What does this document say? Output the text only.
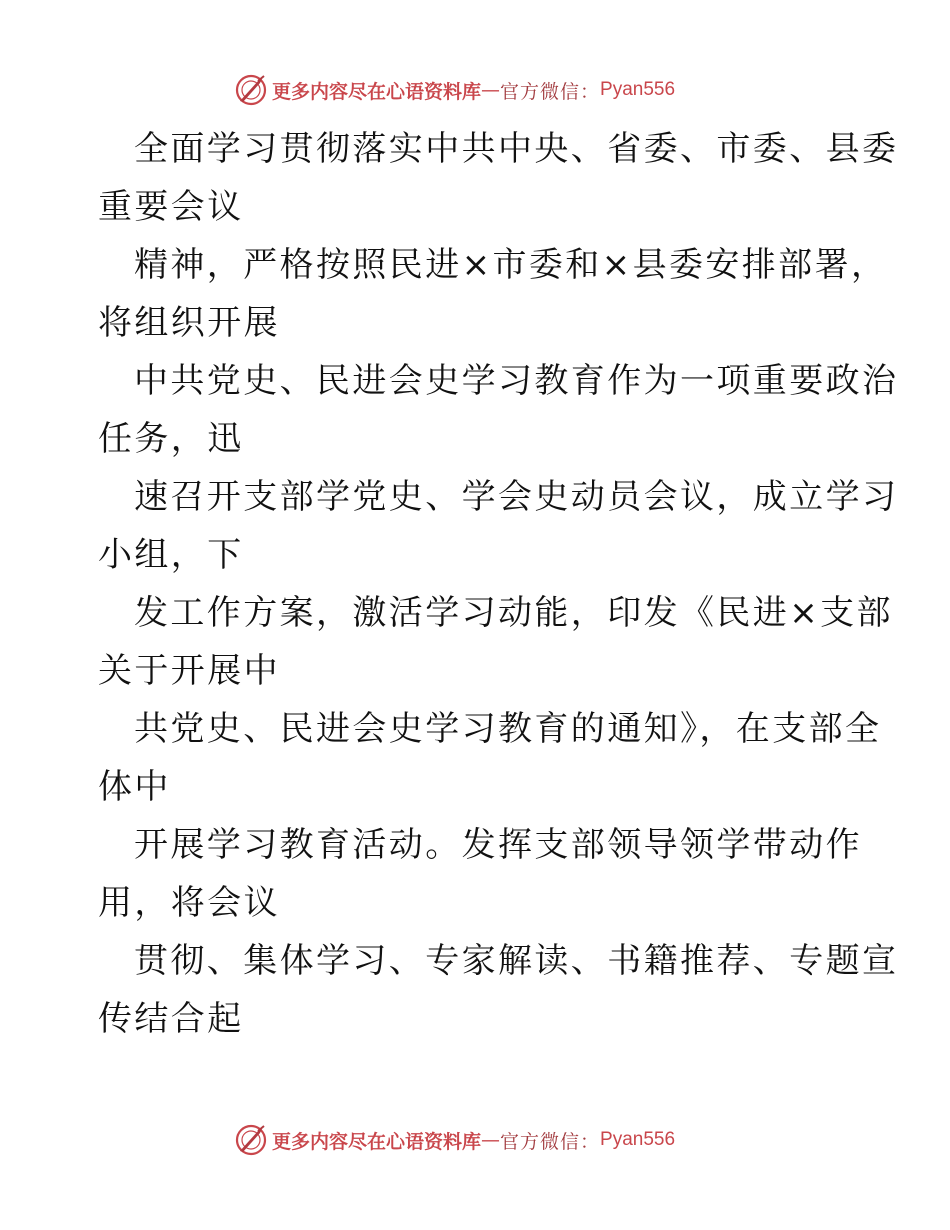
更多内容尽在心语资料库 — 官方微信： Pyan556
全面学习贯彻落实中共中央、省委、市委、县委
重要会议
精神，严格按照民进×市委和×县委安排部署，
将组织开展
中共党史、民进会史学习教育作为一项重要政治
任务，迅
速召开支部学党史、学会史动员会议，成立学习
小组，下
发工作方案，激活学习动能，印发《民进×支部
关于开展中
共党史、民进会史学习教育的通知》，在支部全
体中
开展学习教育活动。发挥支部领导领学带动作
用，将会议
贯彻、集体学习、专家解读、书籍推荐、专题宣
传结合起
更多内容尽在心语资料库 — 官方微信： Pyan556
